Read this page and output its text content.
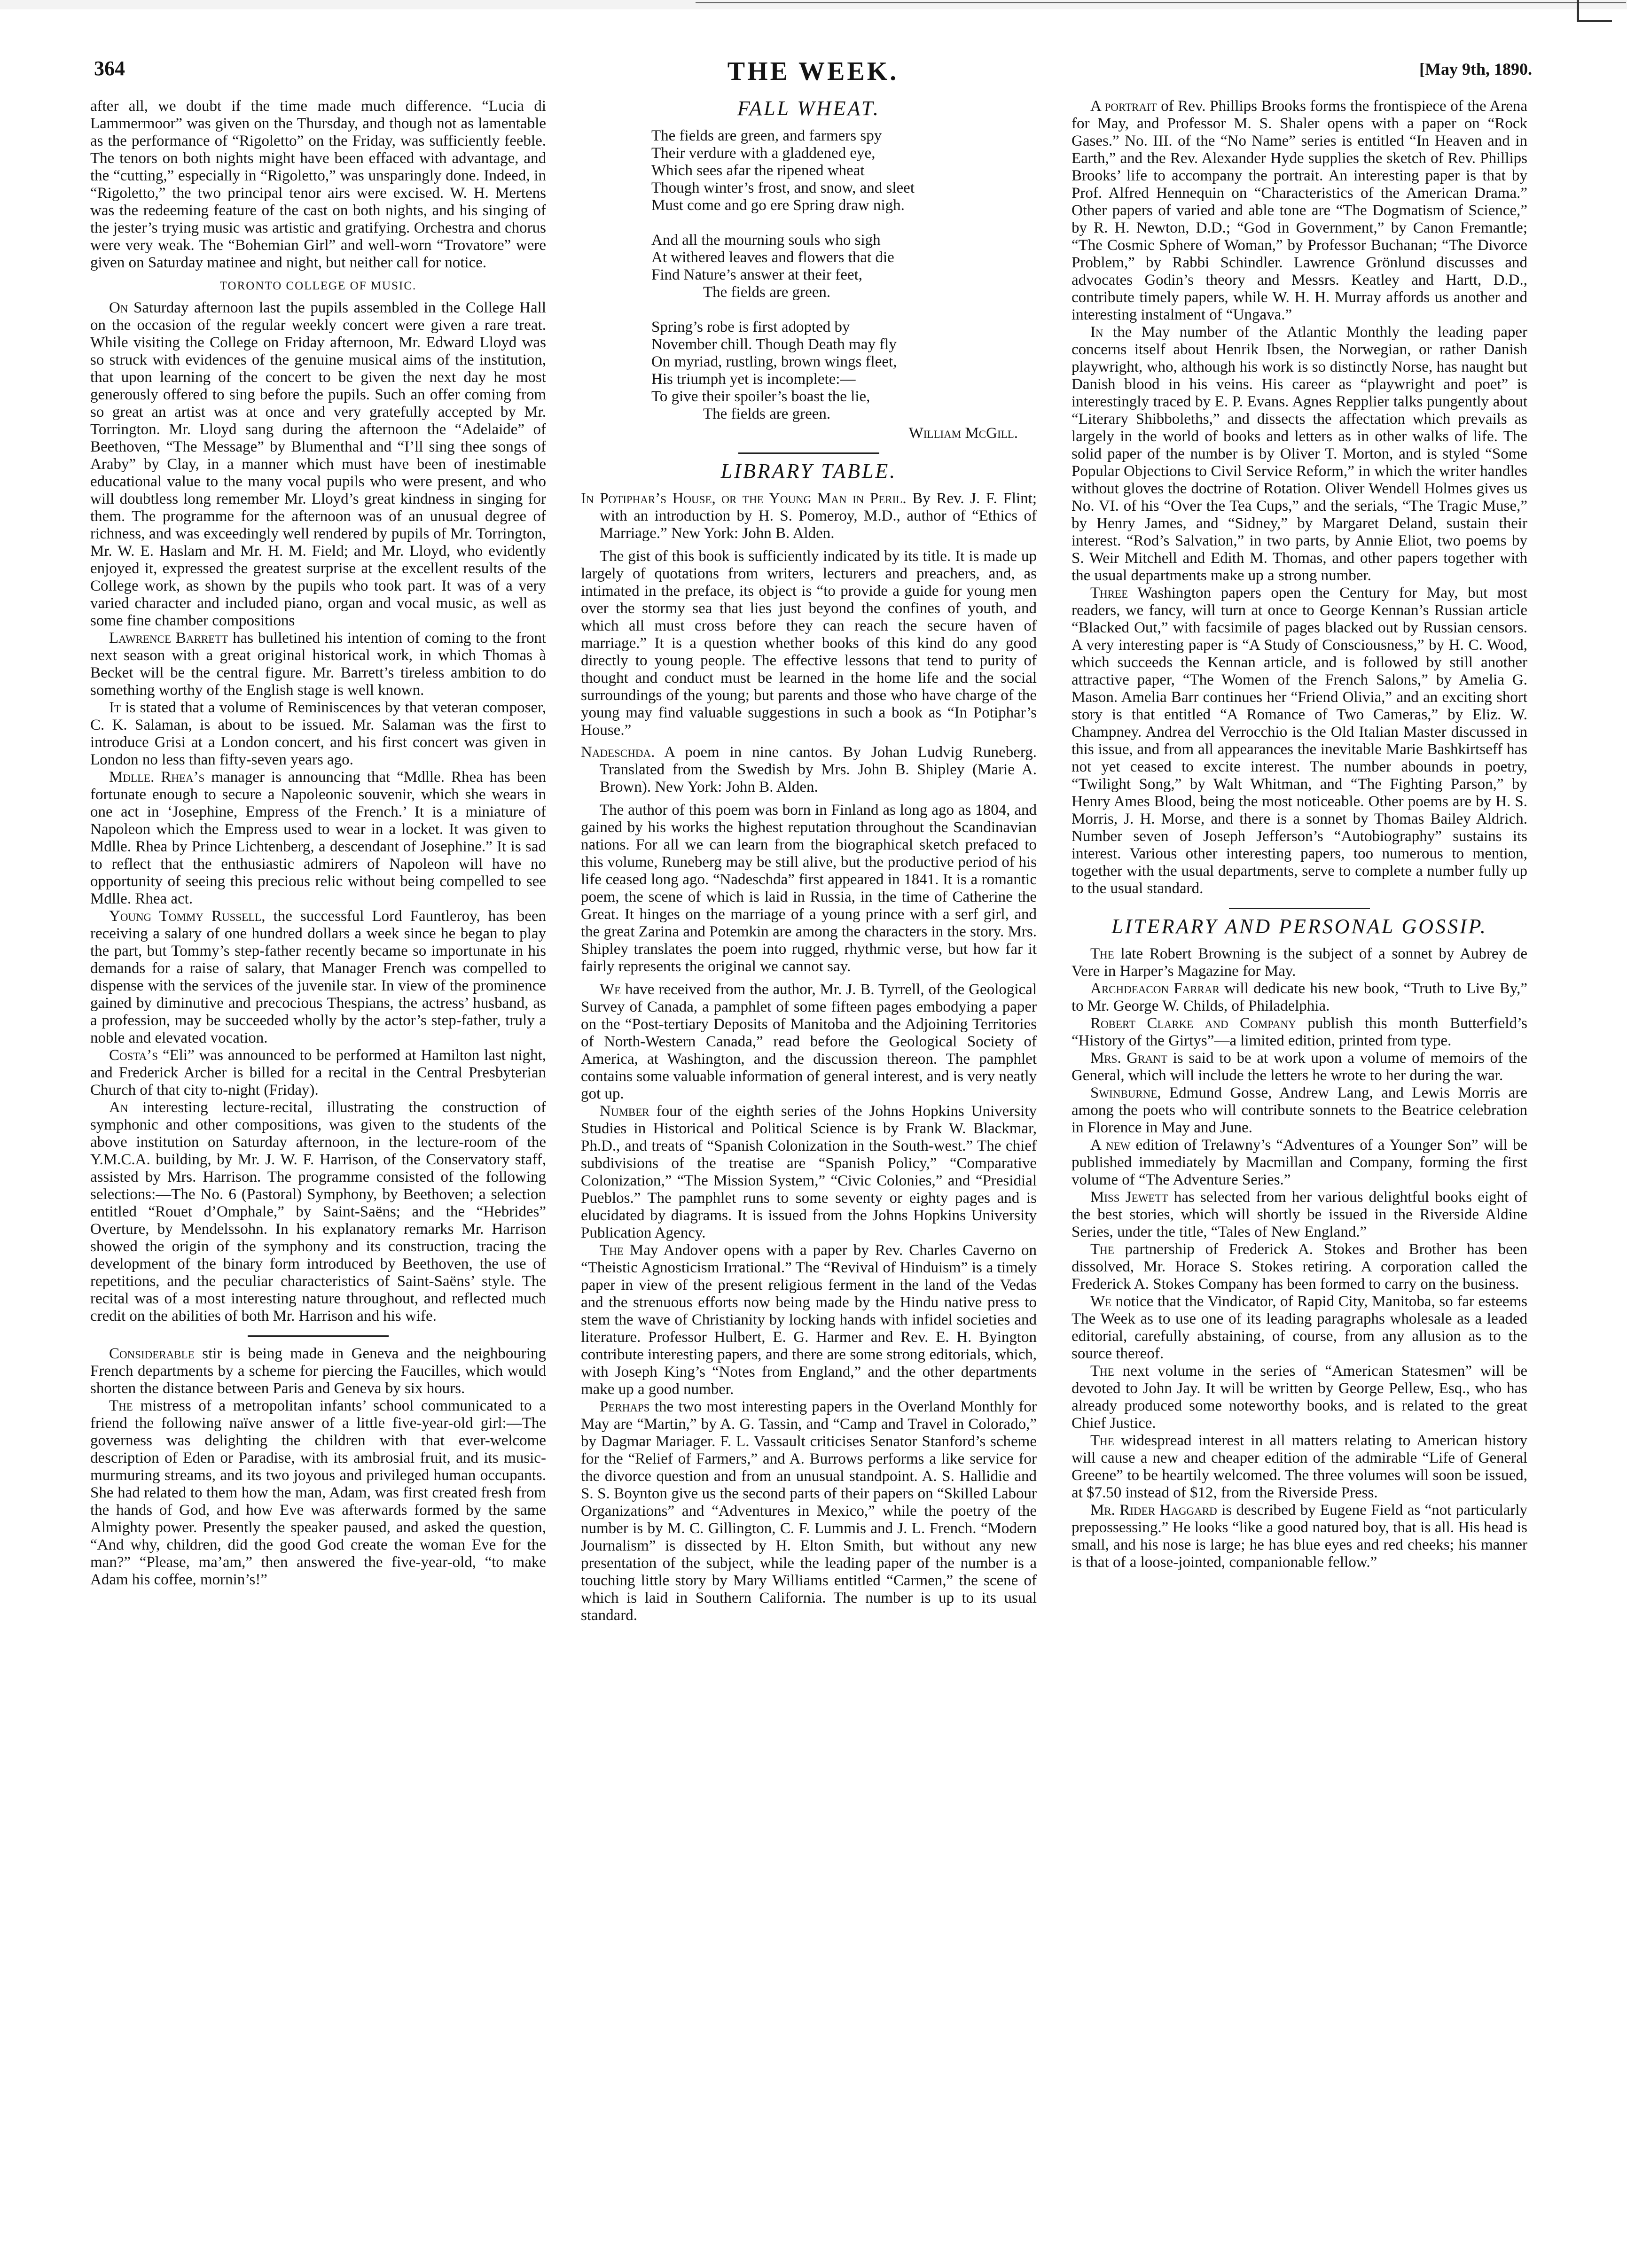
364	THE WEEK.	[May 9th, 1890.

after all, we doubt if the time made much difference. “Lucia di Lammermoor” was given on the Thursday, and though not as lamentable as the performance of “Rigoletto” on the Friday, was sufficiently feeble. The tenors on both nights might have been effaced with advantage, and the “cutting,” especially in “Rigoletto,” was unsparingly done. Indeed, in “Rigoletto,” the two principal tenor airs were excised. W. H. Mertens was the redeeming feature of the cast on both nights, and his singing of the jester’s trying music was artistic and gratifying. Orchestra and chorus were very weak. The “Bohemian Girl” and well-worn “Trovatore” were given on Saturday matinee and night, but neither call for notice.

TORONTO COLLEGE OF MUSIC.

On Saturday afternoon last the pupils assembled in the College Hall on the occasion of the regular weekly concert were given a rare treat. While visiting the College on Friday afternoon, Mr. Edward Lloyd was so struck with evidences of the genuine musical aims of the institution, that upon learning of the concert to be given the next day he most generously offered to sing before the pupils. Such an offer coming from so great an artist was at once and very gratefully accepted by Mr. Torrington. Mr. Lloyd sang during the afternoon the “Adelaide” of Beethoven, “The Message” by Blumenthal and “I’ll sing thee songs of Araby” by Clay, in a manner which must have been of inestimable educational value to the many vocal pupils who were present, and who will doubtless long remember Mr. Lloyd’s great kindness in singing for them. The programme for the afternoon was of an unusual degree of richness, and was exceedingly well rendered by pupils of Mr. Torrington, Mr. W. E. Haslam and Mr. H. M. Field; and Mr. Lloyd, who evidently enjoyed it, expressed the greatest surprise at the excellent results of the College work, as shown by the pupils who took part. It was of a very varied character and included piano, organ and vocal music, as well as some fine chamber compositions

Lawrence Barrett has bulletined his intention of coming to the front next season with a great original historical work, in which Thomas à Becket will be the central figure. Mr. Barrett’s tireless ambition to do something worthy of the English stage is well known.

It is stated that a volume of Reminiscences by that veteran composer, C. K. Salaman, is about to be issued. Mr. Salaman was the first to introduce Grisi at a London concert, and his first concert was given in London no less than fifty-seven years ago.

Mdlle. Rhea’s manager is announcing that “Mdlle. Rhea has been fortunate enough to secure a Napoleonic souvenir, which she wears in one act in ‘Josephine, Empress of the French.’ It is a miniature of Napoleon which the Empress used to wear in a locket. It was given to Mdlle. Rhea by Prince Lichtenberg, a descendant of Josephine.” It is sad to reflect that the enthusiastic admirers of Napoleon will have no opportunity of seeing this precious relic without being compelled to see Mdlle. Rhea act.

Young Tommy Russell, the successful Lord Fauntleroy, has been receiving a salary of one hundred dollars a week since he began to play the part, but Tommy’s step-father recently became so importunate in his demands for a raise of salary, that Manager French was compelled to dispense with the services of the juvenile star. In view of the prominence gained by diminutive and precocious Thespians, the actress’ husband, as a profession, may be succeeded wholly by the actor’s step-father, truly a noble and elevated vocation.

Costa’s “Eli” was announced to be performed at Hamilton last night, and Frederick Archer is billed for a recital in the Central Presbyterian Church of that city to-night (Friday).

An interesting lecture-recital, illustrating the construction of symphonic and other compositions, was given to the students of the above institution on Saturday afternoon, in the lecture-room of the Y.M.C.A. building, by Mr. J. W. F. Harrison, of the Conservatory staff, assisted by Mrs. Harrison. The programme consisted of the following selections:—The No. 6 (Pastoral) Symphony, by Beethoven; a selection entitled “Rouet d’Omphale,” by Saint-Saëns; and the “Hebrides” Overture, by Mendelssohn. In his explanatory remarks Mr. Harrison showed the origin of the symphony and its construction, tracing the development of the binary form introduced by Beethoven, the use of repetitions, and the peculiar characteristics of Saint-Saëns’ style. The recital was of a most interesting nature throughout, and reflected much credit on the abilities of both Mr. Harrison and his wife.

Considerable stir is being made in Geneva and the neighbouring French departments by a scheme for piercing the Faucilles, which would shorten the distance between Paris and Geneva by six hours.

The mistress of a metropolitan infants’ school communicated to a friend the following naïve answer of a little five-year-old girl:—The governess was delighting the children with that ever-welcome description of Eden or Paradise, with its ambrosial fruit, and its music-murmuring streams, and its two joyous and privileged human occupants. She had related to them how the man, Adam, was first created fresh from the hands of God, and how Eve was afterwards formed by the same Almighty power. Presently the speaker paused, and asked the question, “And why, children, did the good God create the woman Eve for the man?” “Please, ma’am,” then answered the five-year-old, “to make Adam his coffee, mornin’s!”

FALL WHEAT.
The fields are green, and farmers spy
Their verdure with a gladdened eye,
Which sees afar the ripened wheat
Though winter’s frost, and snow, and sleet
Must come and go ere Spring draw nigh.
And all the mourning souls who sigh
At withered leaves and flowers that die
Find Nature’s answer at their feet,
The fields are green.
Spring’s robe is first adopted by
November chill. Though Death may fly
On myriad, rustling, brown wings fleet,
His triumph yet is incomplete:—
To give their spoiler’s boast the lie,
The fields are green.
William McGill.
LIBRARY TABLE.
In Potiphar’s House, or the Young Man in Peril. By Rev. J. F. Flint; with an introduction by H. S. Pomeroy, M.D., author of “Ethics of Marriage.” New York: John B. Alden.

The gist of this book is sufficiently indicated by its title. It is made up largely of quotations from writers, lecturers and preachers, and, as intimated in the preface, its object is “to provide a guide for young men over the stormy sea that lies just beyond the confines of youth, and which all must cross before they can reach the secure haven of marriage.” It is a question whether books of this kind do any good directly to young people. The effective lessons that tend to purity of thought and conduct must be learned in the home life and the social surroundings of the young; but parents and those who have charge of the young may find valuable suggestions in such a book as “In Potiphar’s House.”

Nadeschda. A poem in nine cantos. By Johan Ludvig Runeberg. Translated from the Swedish by Mrs. John B. Shipley (Marie A. Brown). New York: John B. Alden.

The author of this poem was born in Finland as long ago as 1804, and gained by his works the highest reputation throughout the Scandinavian nations. For all we can learn from the biographical sketch prefaced to this volume, Runeberg may be still alive, but the productive period of his life ceased long ago. “Nadeschda” first appeared in 1841. It is a romantic poem, the scene of which is laid in Russia, in the time of Catherine the Great. It hinges on the marriage of a young prince with a serf girl, and the great Zarina and Potemkin are among the characters in the story. Mrs. Shipley translates the poem into rugged, rhythmic verse, but how far it fairly represents the original we cannot say.

We have received from the author, Mr. J. B. Tyrrell, of the Geological Survey of Canada, a pamphlet of some fifteen pages embodying a paper on the “Post-tertiary Deposits of Manitoba and the Adjoining Territories of North-Western Canada,” read before the Geological Society of America, at Washington, and the discussion thereon. The pamphlet contains some valuable information of general interest, and is very neatly got up.

Number four of the eighth series of the Johns Hopkins University Studies in Historical and Political Science is by Frank W. Blackmar, Ph.D., and treats of “Spanish Colonization in the South-west.” The chief subdivisions of the treatise are “Spanish Policy,” “Comparative Colonization,” “The Mission System,” “Civic Colonies,” and “Presidial Pueblos.” The pamphlet runs to some seventy or eighty pages and is elucidated by diagrams. It is issued from the Johns Hopkins University Publication Agency.

The May Andover opens with a paper by Rev. Charles Caverno on “Theistic Agnosticism Irrational.” The “Revival of Hinduism” is a timely paper in view of the present religious ferment in the land of the Vedas and the strenuous efforts now being made by the Hindu native press to stem the wave of Christianity by locking hands with infidel societies and literature. Professor Hulbert, E. G. Harmer and Rev. E. H. Byington contribute interesting papers, and there are some strong editorials, which, with Joseph King’s “Notes from England,” and the other departments make up a good number.

Perhaps the two most interesting papers in the Overland Monthly for May are “Martin,” by A. G. Tassin, and “Camp and Travel in Colorado,” by Dagmar Mariager. F. L. Vassault criticises Senator Stanford’s scheme for the “Relief of Farmers,” and A. Burrows performs a like service for the divorce question and from an unusual standpoint. A. S. Hallidie and S. S. Boynton give us the second parts of their papers on “Skilled Labour Organizations” and “Adventures in Mexico,” while the poetry of the number is by M. C. Gillington, C. F. Lummis and J. L. French. “Modern Journalism” is dissected by H. Elton Smith, but without any new presentation of the subject, while the leading paper of the number is a touching little story by Mary Williams entitled “Carmen,” the scene of which is laid in Southern California. The number is up to its usual standard.

A portrait of Rev. Phillips Brooks forms the frontispiece of the Arena for May, and Professor M. S. Shaler opens with a paper on “Rock Gases.” No. III. of the “No Name” series is entitled “In Heaven and in Earth,” and the Rev. Alexander Hyde supplies the sketch of Rev. Phillips Brooks’ life to accompany the portrait. An interesting paper is that by Prof. Alfred Hennequin on “Characteristics of the American Drama.” Other papers of varied and able tone are “The Dogmatism of Science,” by R. H. Newton, D.D.; “God in Government,” by Canon Fremantle; “The Cosmic Sphere of Woman,” by Professor Buchanan; “The Divorce Problem,” by Rabbi Schindler. Lawrence Grönlund discusses and advocates Godin’s theory and Messrs. Keatley and Hartt, D.D., contribute timely papers, while W. H. H. Murray affords us another and interesting instalment of “Ungava.”

In the May number of the Atlantic Monthly the leading paper concerns itself about Henrik Ibsen, the Norwegian, or rather Danish playwright, who, although his work is so distinctly Norse, has naught but Danish blood in his veins. His career as “playwright and poet” is interestingly traced by E. P. Evans. Agnes Repplier talks pungently about “Literary Shibboleths,” and dissects the affectation which prevails as largely in the world of books and letters as in other walks of life. The solid paper of the number is by Oliver T. Morton, and is styled “Some Popular Objections to Civil Service Reform,” in which the writer handles without gloves the doctrine of Rotation. Oliver Wendell Holmes gives us No. VI. of his “Over the Tea Cups,” and the serials, “The Tragic Muse,” by Henry James, and “Sidney,” by Margaret Deland, sustain their interest. “Rod’s Salvation,” in two parts, by Annie Eliot, two poems by S. Weir Mitchell and Edith M. Thomas, and other papers together with the usual departments make up a strong number.

Three Washington papers open the Century for May, but most readers, we fancy, will turn at once to George Kennan’s Russian article “Blacked Out,” with facsimile of pages blacked out by Russian censors. A very interesting paper is “A Study of Consciousness,” by H. C. Wood, which succeeds the Kennan article, and is followed by still another attractive paper, “The Women of the French Salons,” by Amelia G. Mason. Amelia Barr continues her “Friend Olivia,” and an exciting short story is that entitled “A Romance of Two Cameras,” by Eliz. W. Champney. Andrea del Verrocchio is the Old Italian Master discussed in this issue, and from all appearances the inevitable Marie Bashkirtseff has not yet ceased to excite interest. The number abounds in poetry, “Twilight Song,” by Walt Whitman, and “The Fighting Parson,” by Henry Ames Blood, being the most noticeable. Other poems are by H. S. Morris, J. H. Morse, and there is a sonnet by Thomas Bailey Aldrich. Number seven of Joseph Jefferson’s “Autobiography” sustains its interest. Various other interesting papers, too numerous to mention, together with the usual departments, serve to complete a number fully up to the usual standard.

LITERARY AND PERSONAL GOSSIP.

The late Robert Browning is the subject of a sonnet by Aubrey de Vere in Harper’s Magazine for May.

Archdeacon Farrar will dedicate his new book, “Truth to Live By,” to Mr. George W. Childs, of Philadelphia.

Robert Clarke and Company publish this month Butterfield’s “History of the Girtys”—a limited edition, printed from type.

Mrs. Grant is said to be at work upon a volume of memoirs of the General, which will include the letters he wrote to her during the war.

Swinburne, Edmund Gosse, Andrew Lang, and Lewis Morris are among the poets who will contribute sonnets to the Beatrice celebration in Florence in May and June.

A new edition of Trelawny’s “Adventures of a Younger Son” will be published immediately by Macmillan and Company, forming the first volume of “The Adventure Series.”

Miss Jewett has selected from her various delightful books eight of the best stories, which will shortly be issued in the Riverside Aldine Series, under the title, “Tales of New England.”

The partnership of Frederick A. Stokes and Brother has been dissolved, Mr. Horace S. Stokes retiring. A corporation called the Frederick A. Stokes Company has been formed to carry on the business.

We notice that the Vindicator, of Rapid City, Manitoba, so far esteems The Week as to use one of its leading paragraphs wholesale as a leaded editorial, carefully abstaining, of course, from any allusion as to the source thereof.

The next volume in the series of “American Statesmen” will be devoted to John Jay. It will be written by George Pellew, Esq., who has already produced some noteworthy books, and is related to the great Chief Justice.

The widespread interest in all matters relating to American history will cause a new and cheaper edition of the admirable “Life of General Greene” to be heartily welcomed. The three volumes will soon be issued, at $7.50 instead of $12, from the Riverside Press.

Mr. Rider Haggard is described by Eugene Field as “not particularly prepossessing.” He looks “like a good natured boy, that is all. His head is small, and his nose is large; he has blue eyes and red cheeks; his manner is that of a loose-jointed, companionable fellow.”
